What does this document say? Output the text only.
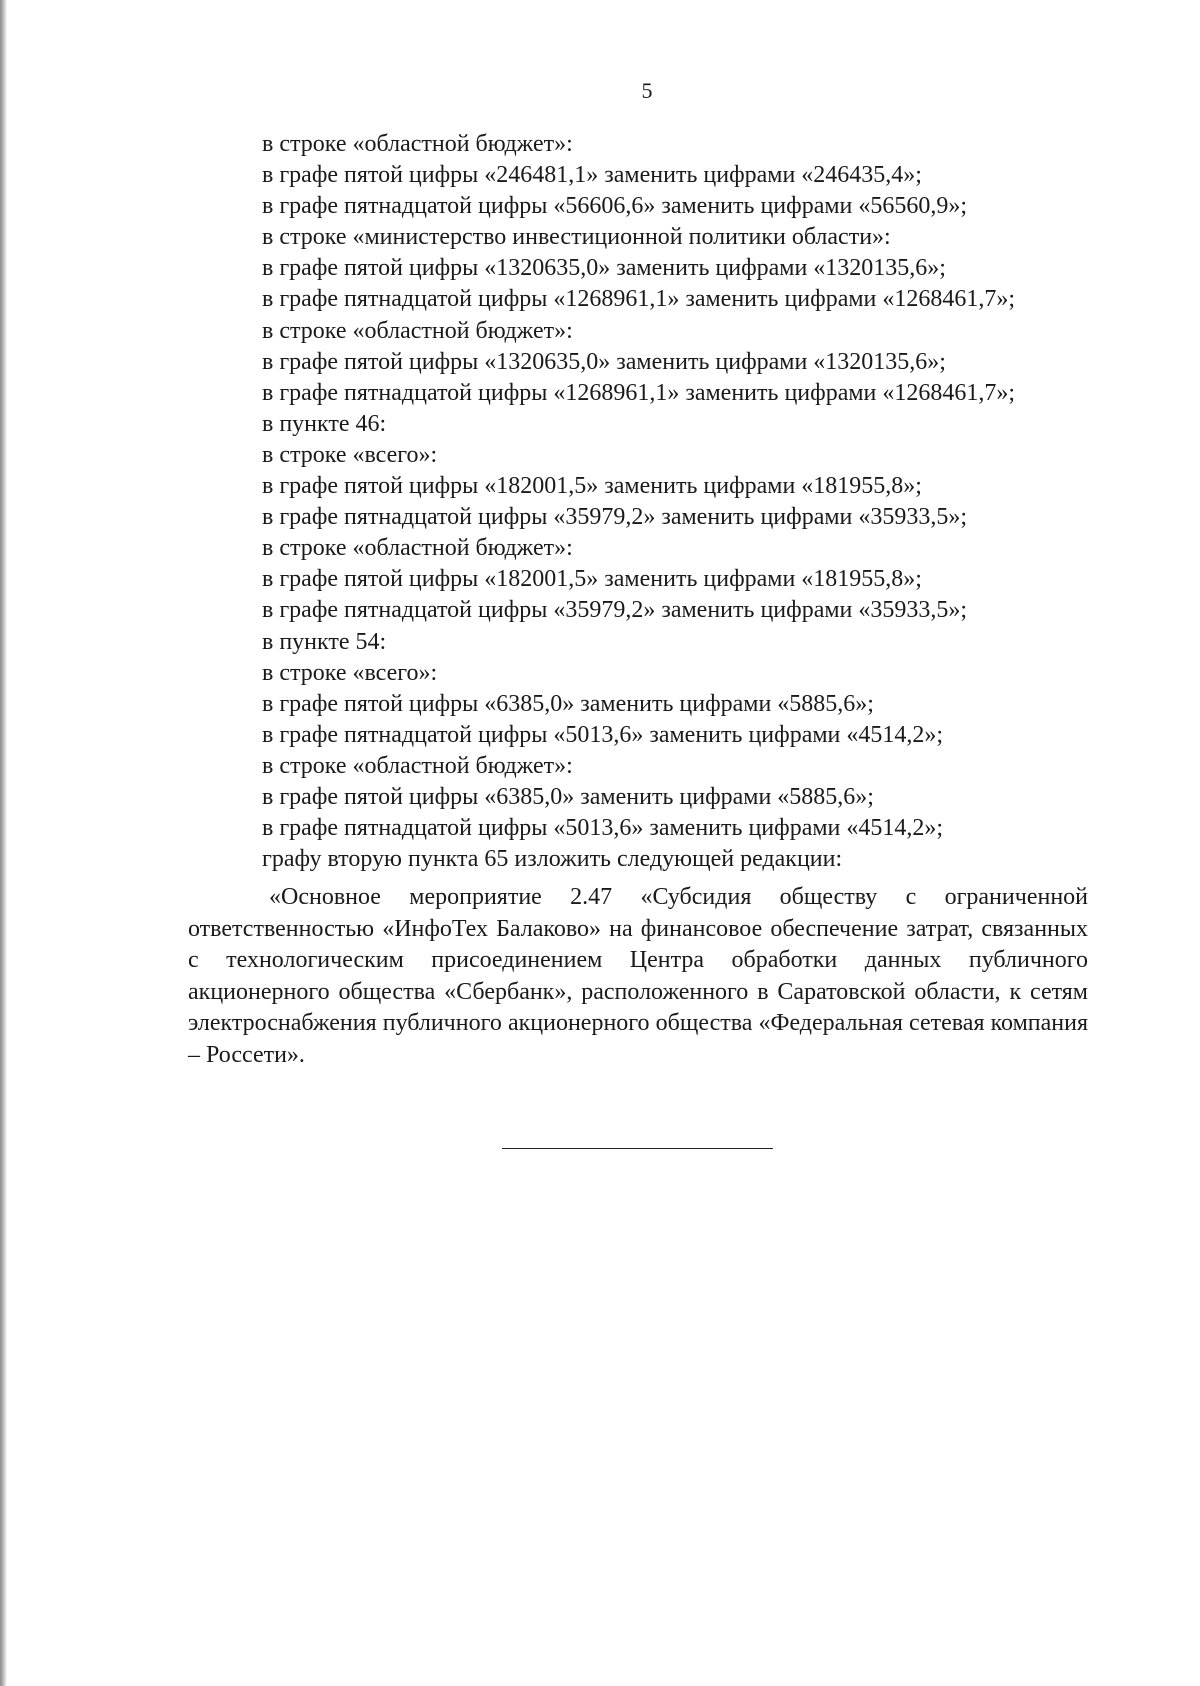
5
в строке «областной бюджет»:
в графе пятой цифры «246481,1» заменить цифрами «246435,4»;
в графе пятнадцатой цифры «56606,6» заменить цифрами «56560,9»;
в строке «министерство инвестиционной политики области»:
в графе пятой цифры «1320635,0» заменить цифрами «1320135,6»;
в графе пятнадцатой цифры «1268961,1» заменить цифрами «1268461,7»;
в строке «областной бюджет»:
в графе пятой цифры «1320635,0» заменить цифрами «1320135,6»;
в графе пятнадцатой цифры «1268961,1» заменить цифрами «1268461,7»;
в пункте 46:
в строке «всего»:
в графе пятой цифры «182001,5» заменить цифрами «181955,8»;
в графе пятнадцатой цифры «35979,2» заменить цифрами «35933,5»;
в строке «областной бюджет»:
в графе пятой цифры «182001,5» заменить цифрами «181955,8»;
в графе пятнадцатой цифры «35979,2» заменить цифрами «35933,5»;
в пункте 54:
в строке «всего»:
в графе пятой цифры «6385,0» заменить цифрами «5885,6»;
в графе пятнадцатой цифры «5013,6» заменить цифрами «4514,2»;
в строке «областной бюджет»:
в графе пятой цифры «6385,0» заменить цифрами «5885,6»;
в графе пятнадцатой цифры «5013,6» заменить цифрами «4514,2»;
графу вторую пункта 65 изложить следующей редакции:
«Основное мероприятие 2.47 «Субсидия обществу с ограниченной ответственностью «ИнфоТех Балаково» на финансовое обеспечение затрат, связанных с технологическим присоединением Центра обработки данных публичного акционерного общества «Сбербанк», расположенного в Саратовской области, к сетям электроснабжения публичного акционерного общества «Федеральная сетевая компания – Россети».
